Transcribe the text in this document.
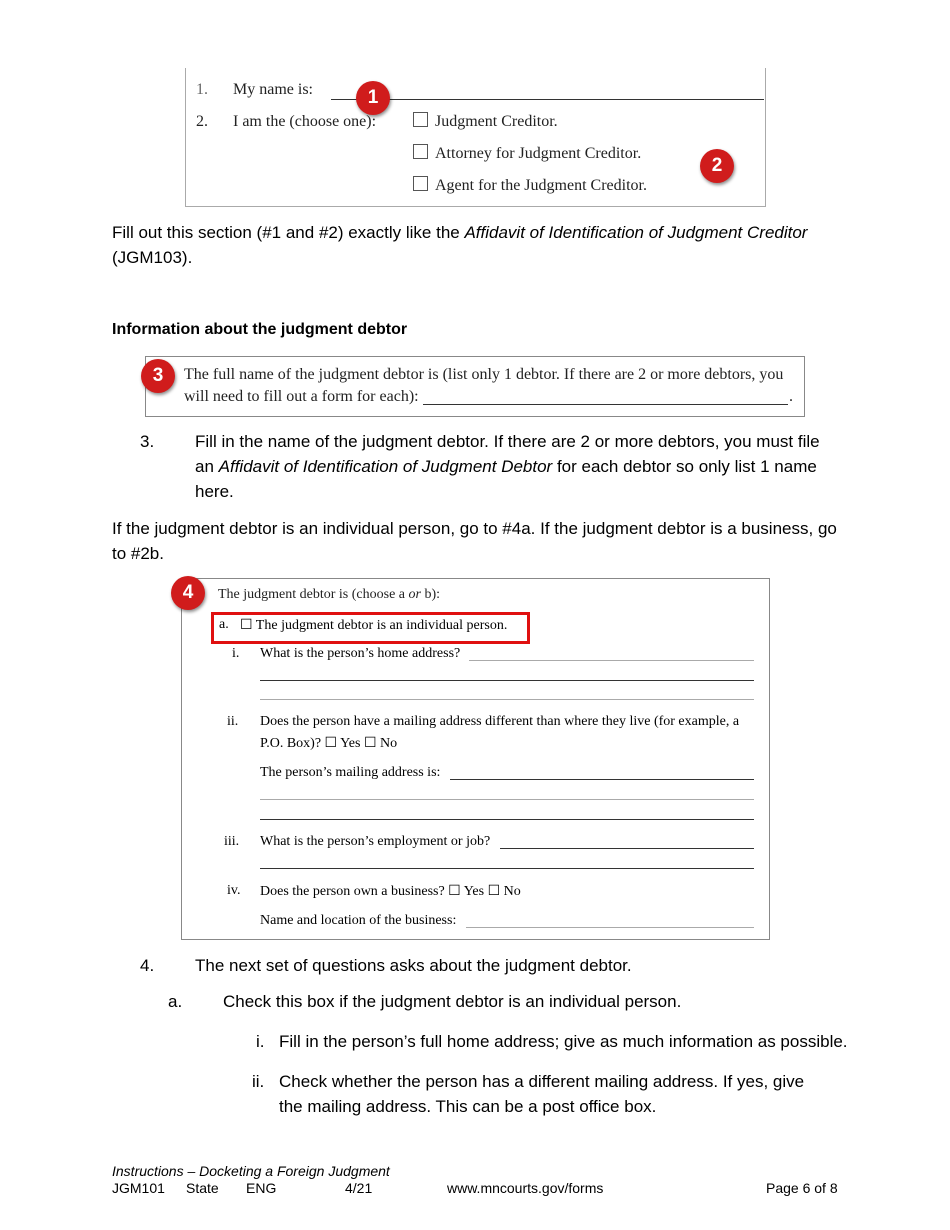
1. My name is:
2. I am the (choose one):	Judgment Creditor.
Attorney for Judgment Creditor.
Agent for the Judgment Creditor.
1
2
Fill out this section (#1 and #2) exactly like the Affidavit of Identification of Judgment Creditor (JGM103).
Information about the judgment debtor
The full name of the judgment debtor is (list only 1 debtor. If there are 2 or more debtors, you
will need to fill out a form for each):	.
3
3. Fill in the name of the judgment debtor. If there are 2 or more debtors, you must file an Affidavit of Identification of Judgment Debtor for each debtor so only list 1 name here.
If the judgment debtor is an individual person, go to #4a. If the judgment debtor is a business, go to #2b.
The judgment debtor is (choose a or b):
a. ☐ The judgment debtor is an individual person.
i. What is the person’s home address?
ii. Does the person have a mailing address different than where they live (for example, a
P.O. Box)? ☐ Yes ☐ No
The person’s mailing address is:
iii. What is the person’s employment or job?
iv. Does the person own a business? ☐ Yes ☐ No
Name and location of the business:
4
4. The next set of questions asks about the judgment debtor.
a. Check this box if the judgment debtor is an individual person.
i. Fill in the person’s full home address; give as much information as possible.
ii. Check whether the person has a different mailing address. If yes, give the mailing address. This can be a post office box.
Instructions – Docketing a Foreign Judgment
JGM101 State ENG	4/21	www.mncourts.gov/forms	Page 6 of 8
